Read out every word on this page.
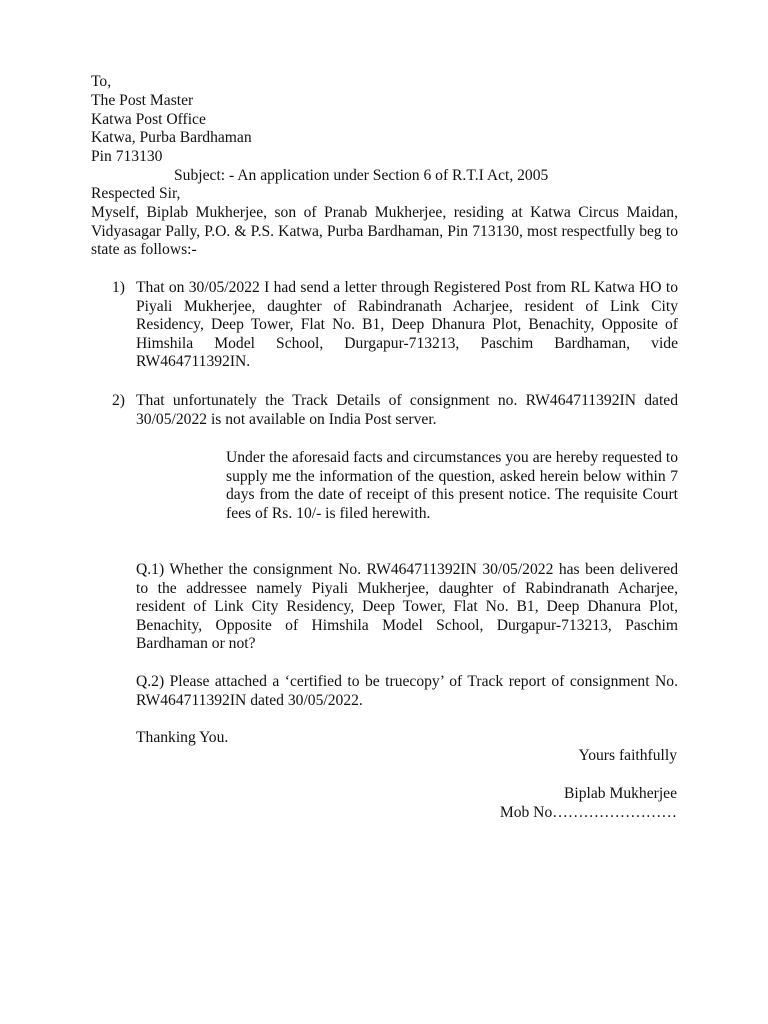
To,
The Post Master
Katwa Post Office
Katwa, Purba Bardhaman
Pin 713130
Subject: - An application under Section 6 of R.T.I Act, 2005
Respected Sir,
Myself, Biplab Mukherjee, son of Pranab Mukherjee, residing at Katwa Circus Maidan, Vidyasagar Pally, P.O. & P.S. Katwa, Purba Bardhaman, Pin 713130, most respectfully beg to state as follows:-
1) That on 30/05/2022 I had send a letter through Registered Post from RL Katwa HO to Piyali Mukherjee, daughter of Rabindranath Acharjee, resident of Link City Residency, Deep Tower, Flat No. B1, Deep Dhanura Plot, Benachity, Opposite of Himshila Model School, Durgapur-713213, Paschim Bardhaman, vide RW464711392IN.
2) That unfortunately the Track Details of consignment no. RW464711392IN dated 30/05/2022 is not available on India Post server.
Under the aforesaid facts and circumstances you are hereby requested to supply me the information of the question, asked herein below within 7 days from the date of receipt of this present notice. The requisite Court fees of Rs. 10/- is filed herewith.
Q.1) Whether the consignment No. RW464711392IN 30/05/2022 has been delivered to the addressee namely Piyali Mukherjee, daughter of Rabindranath Acharjee, resident of Link City Residency, Deep Tower, Flat No. B1, Deep Dhanura Plot, Benachity, Opposite of Himshila Model School, Durgapur-713213, Paschim Bardhaman or not?
Q.2) Please attached a ‘certified to be truecopy’ of Track report of consignment No. RW464711392IN dated 30/05/2022.
Thanking You.
Yours faithfully
Biplab Mukherjee
Mob No……………………
